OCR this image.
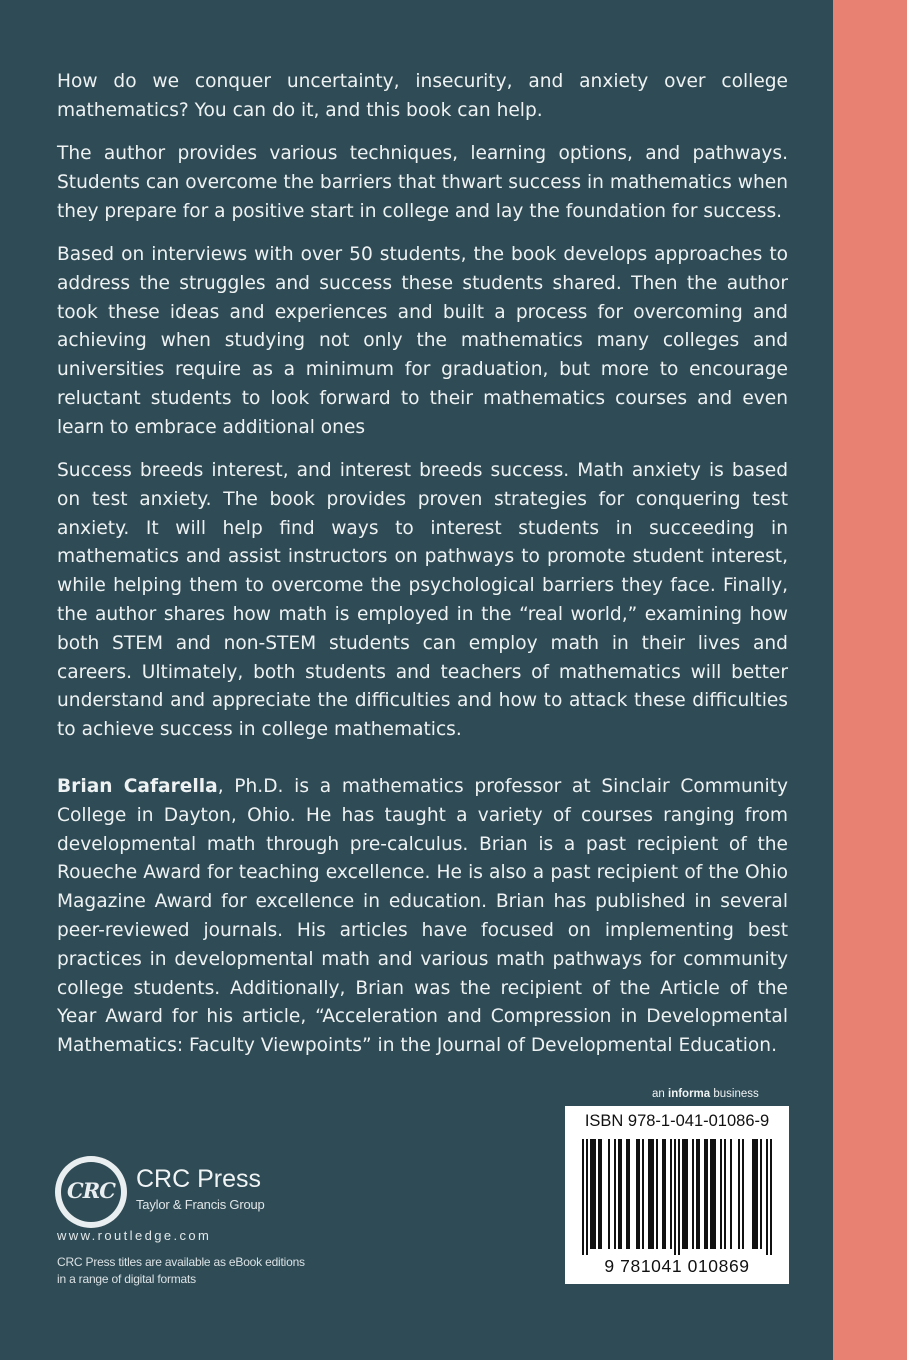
How do we conquer uncertainty, insecurity, and anxiety over college mathematics? You can do it, and this book can help.

The author provides various techniques, learning options, and pathways. Students can overcome the barriers that thwart success in mathematics when they prepare for a positive start in college and lay the foundation for success.

Based on interviews with over 50 students, the book develops approaches to address the struggles and success these students shared. Then the author took these ideas and experiences and built a process for overcoming and achieving when studying not only the mathematics many colleges and universities require as a minimum for graduation, but more to encourage reluctant students to look forward to their mathematics courses and even learn to embrace additional ones

Success breeds interest, and interest breeds success. Math anxiety is based on test anxiety. The book provides proven strategies for conquering test anxiety. It will help find ways to interest students in succeeding in mathematics and assist instructors on pathways to promote student interest, while helping them to overcome the psychological barriers they face. Finally, the author shares how math is employed in the “real world,” examining how both STEM and non-STEM students can employ math in their lives and careers. Ultimately, both students and teachers of mathematics will better understand and appreciate the difficulties and how to attack these difficulties to achieve success in college mathematics.

Brian Cafarella, Ph.D. is a mathematics professor at Sinclair Community College in Dayton, Ohio. He has taught a variety of courses ranging from developmental math through pre-calculus. Brian is a past recipient of the Roueche Award for teaching excellence. He is also a past recipient of the Ohio Magazine Award for excellence in education. Brian has published in several peer-reviewed journals. His articles have focused on implementing best practices in developmental math and various math pathways for community college students. Additionally, Brian was the recipient of the Article of the Year Award for his article, “Acceleration and Compression in Developmental Mathematics: Faculty Viewpoints” in the Journal of Developmental Education.

CRC CRC Press
Taylor & Francis Group
www.routledge.com
CRC Press titles are available as eBook editions
in a range of digital formats
an informa business
ISBN 978-1-041-01086-9
9 781041 010869
